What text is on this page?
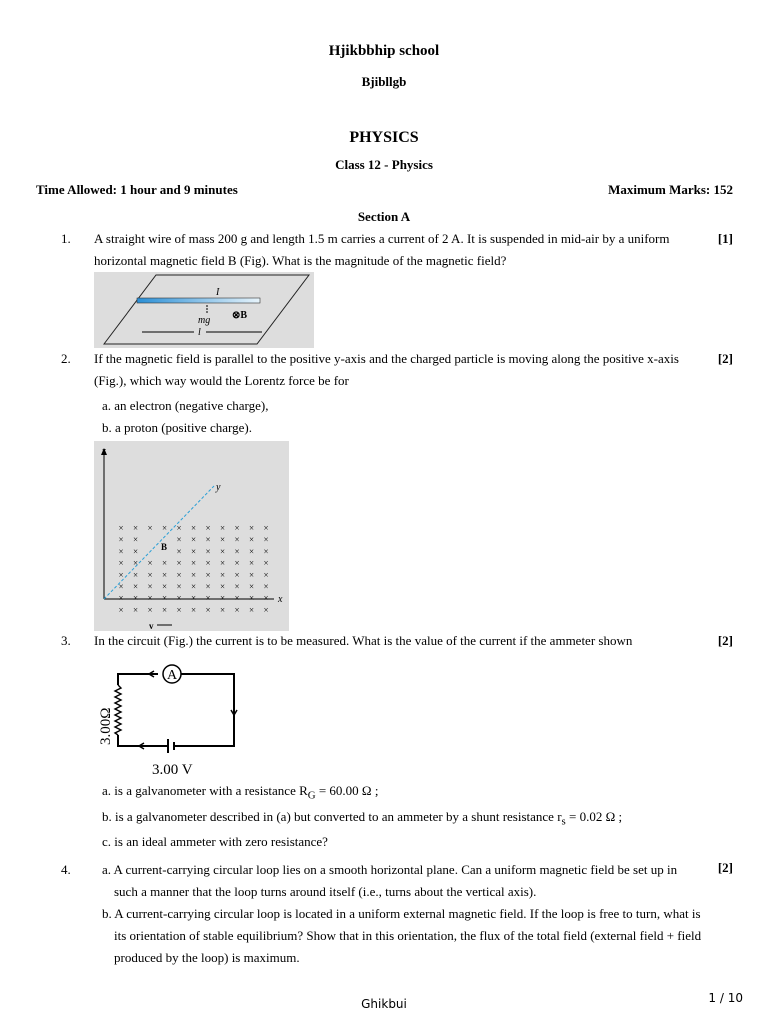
Hjikbbhip school
Bjibllgb
PHYSICS
Class 12 - Physics
Time Allowed: 1 hour and 9 minutes	Maximum Marks: 152
Section A
1. A straight wire of mass 200 g and length 1.5 m carries a current of 2 A. It is suspended in mid-air by a uniform horizontal magnetic field B (Fig). What is the magnitude of the magnetic field?
[1]
I
mg ⊗B
l
2. If the magnetic field is parallel to the positive y-axis and the charged particle is moving along the positive x-axis (Fig.), which way would the Lorentz force be for
[2]
a. an electron (negative charge),
b. a proton (positive charge).
z
y
x
B
v
× × × × × × × × × × ×
× ×	× × × × × × ×
× ×	× × × × × × ×
× × × × × × × × × × ×
× × × × × × × × × × ×
× × × × × × × × × × ×
× × × × × × × × × × ×
× × × × × × × × × × ×
3. In the circuit (Fig.) the current is to be measured. What is the value of the current if the ammeter shown	[2]
A
3.00Ω
3.00 V
a. is a galvanometer with a resistance $R_G = 60.00$ Ω ;
b. is a galvanometer described in (a) but converted to an ammeter by a shunt resistance $r_s = 0.02$ Ω ;
c. is an ideal ammeter with zero resistance?
4.	[2]
a. A current-carrying circular loop lies on a smooth horizontal plane. Can a uniform magnetic field be set up in such a manner that the loop turns around itself (i.e., turns about the vertical axis).
b. A current-carrying circular loop is located in a uniform external magnetic field. If the loop is free to turn, what is its orientation of stable equilibrium? Show that in this orientation, the flux of the total field (external field + field produced by the loop) is maximum.
Ghikbui	1 / 10
